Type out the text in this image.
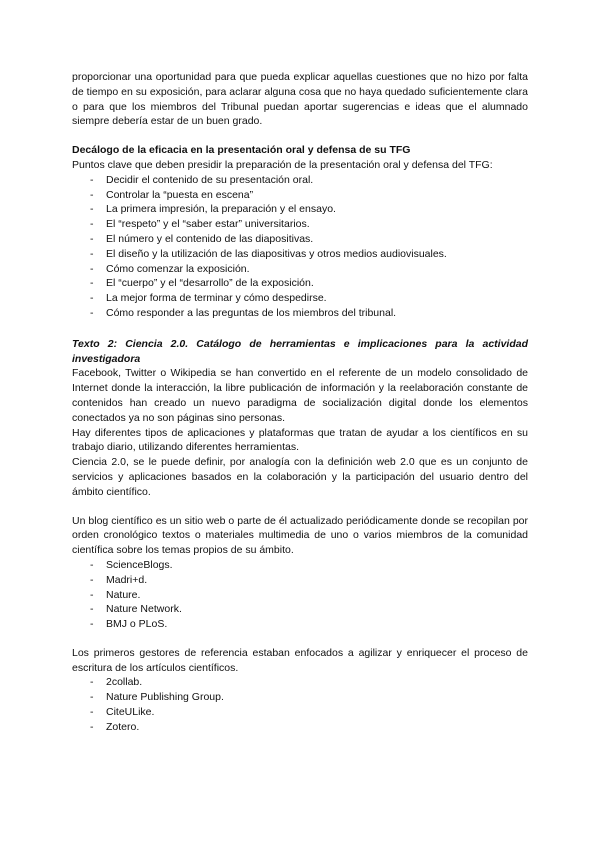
proporcionar una oportunidad para que pueda explicar aquellas cuestiones que no hizo por falta de tiempo en su exposición, para aclarar alguna cosa que no haya quedado suficientemente clara o para que los miembros del Tribunal puedan aportar sugerencias e ideas que el alumnado siempre debería estar de un buen grado.

Decálogo de la eficacia en la presentación oral y defensa de su TFG

Puntos clave que deben presidir la preparación de la presentación oral y defensa del TFG:

- Decidir el contenido de su presentación oral.
- Controlar la “puesta en escena”
- La primera impresión, la preparación y el ensayo.
- El “respeto” y el “saber estar” universitarios.
- El número y el contenido de las diapositivas.
- El diseño y la utilización de las diapositivas y otros medios audiovisuales.
- Cómo comenzar la exposición.
- El “cuerpo” y el “desarrollo” de la exposición.
- La mejor forma de terminar y cómo despedirse.
- Cómo responder a las preguntas de los miembros del tribunal.

Texto 2: Ciencia 2.0. Catálogo de herramientas e implicaciones para la actividad investigadora

Facebook, Twitter o Wikipedia se han convertido en el referente de un modelo consolidado de Internet donde la interacción, la libre publicación de información y la reelaboración constante de contenidos han creado un nuevo paradigma de socialización digital donde los elementos conectados ya no son páginas sino personas.

Hay diferentes tipos de aplicaciones y plataformas que tratan de ayudar a los científicos en su trabajo diario, utilizando diferentes herramientas.

Ciencia 2.0, se le puede definir, por analogía con la definición web 2.0 que es un conjunto de servicios y aplicaciones basados en la colaboración y la participación del usuario dentro del ámbito científico.

Un blog científico es un sitio web o parte de él actualizado periódicamente donde se recopilan por orden cronológico textos o materiales multimedia de uno o varios miembros de la comunidad científica sobre los temas propios de su ámbito.

- ScienceBlogs.
- Madri+d.
- Nature.
- Nature Network.
- BMJ o PLoS.

Los primeros gestores de referencia estaban enfocados a agilizar y enriquecer el proceso de escritura de los artículos científicos.

- 2collab.
- Nature Publishing Group.
- CiteULike.
- Zotero.
